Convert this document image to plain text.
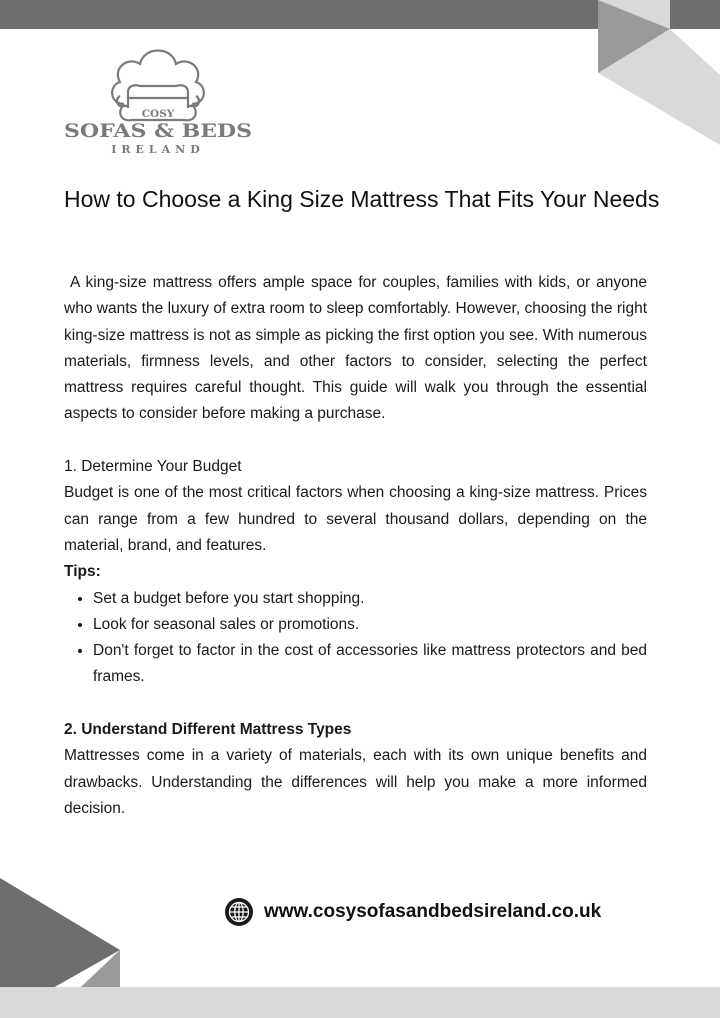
COSY
SOFAS & BEDS
IRELAND
How to Choose a King Size Mattress That Fits Your Needs

A king-size mattress offers ample space for couples, families with kids, or anyone who wants the luxury of extra room to sleep comfortably. However, choosing the right king-size mattress is not as simple as picking the first option you see. With numerous materials, firmness levels, and other factors to consider, selecting the perfect mattress requires careful thought. This guide will walk you through the essential aspects to consider before making a purchase.

1. Determine Your Budget

Budget is one of the most critical factors when choosing a king-size mattress. Prices can range from a few hundred to several thousand dollars, depending on the material, brand, and features.

Tips:

• Set a budget before you start shopping.
• Look for seasonal sales or promotions.
• Don't forget to factor in the cost of accessories like mattress protectors and bed frames.

2. Understand Different Mattress Types

Mattresses come in a variety of materials, each with its own unique benefits and drawbacks. Understanding the differences will help you make a more informed decision.

www.cosysofasandbedsireland.co.uk
